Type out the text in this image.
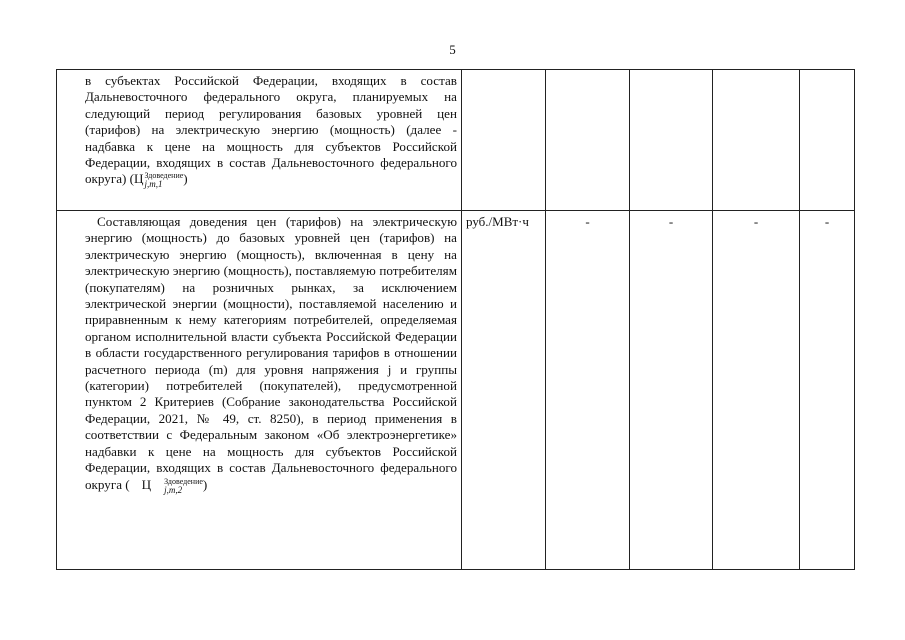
5
в субъектах Российской Федерации, входящих в состав Дальневосточного федерального округа, планируемых на следующий период регулирования базовых уровней цен (тарифов) на электрическую энергию (мощность) (далее - надбавка к цене на мощность для субъектов Российской Федерации, входящих в состав Дальневосточного федерального округа) (Ц Здоведение
j,m,1 )					

Составляющая доведения цен (тарифов) на электрическую энергию (мощность) до базовых уровней цен (тарифов) на электрическую энергию (мощность), включенная в цену на электрическую энергию (мощность), поставляемую потребителям (покупателям) на розничных рынках, за исключением электрической энергии (мощности), поставляемой населению и приравненным к нему категориям потребителей, определяемая органом исполнительной власти субъекта Российской Федерации в области государственного регулирования тарифов в отношении расчетного периода (m) для уровня напряжения j и группы (категории) потребителей (покупателей), предусмотренной пунктом 2 Критериев (Собрание законодательства Российской Федерации, 2021, № 49, ст. 8250), в период применения в соответствии с Федеральным законом «Об электроэнергетике» надбавки к цене на мощность для субъектов Российской Федерации, входящих в состав Дальневосточного федерального округа ( Ц Здоведение
j,m,2 )	руб./МВт·ч	-	-	-	-
